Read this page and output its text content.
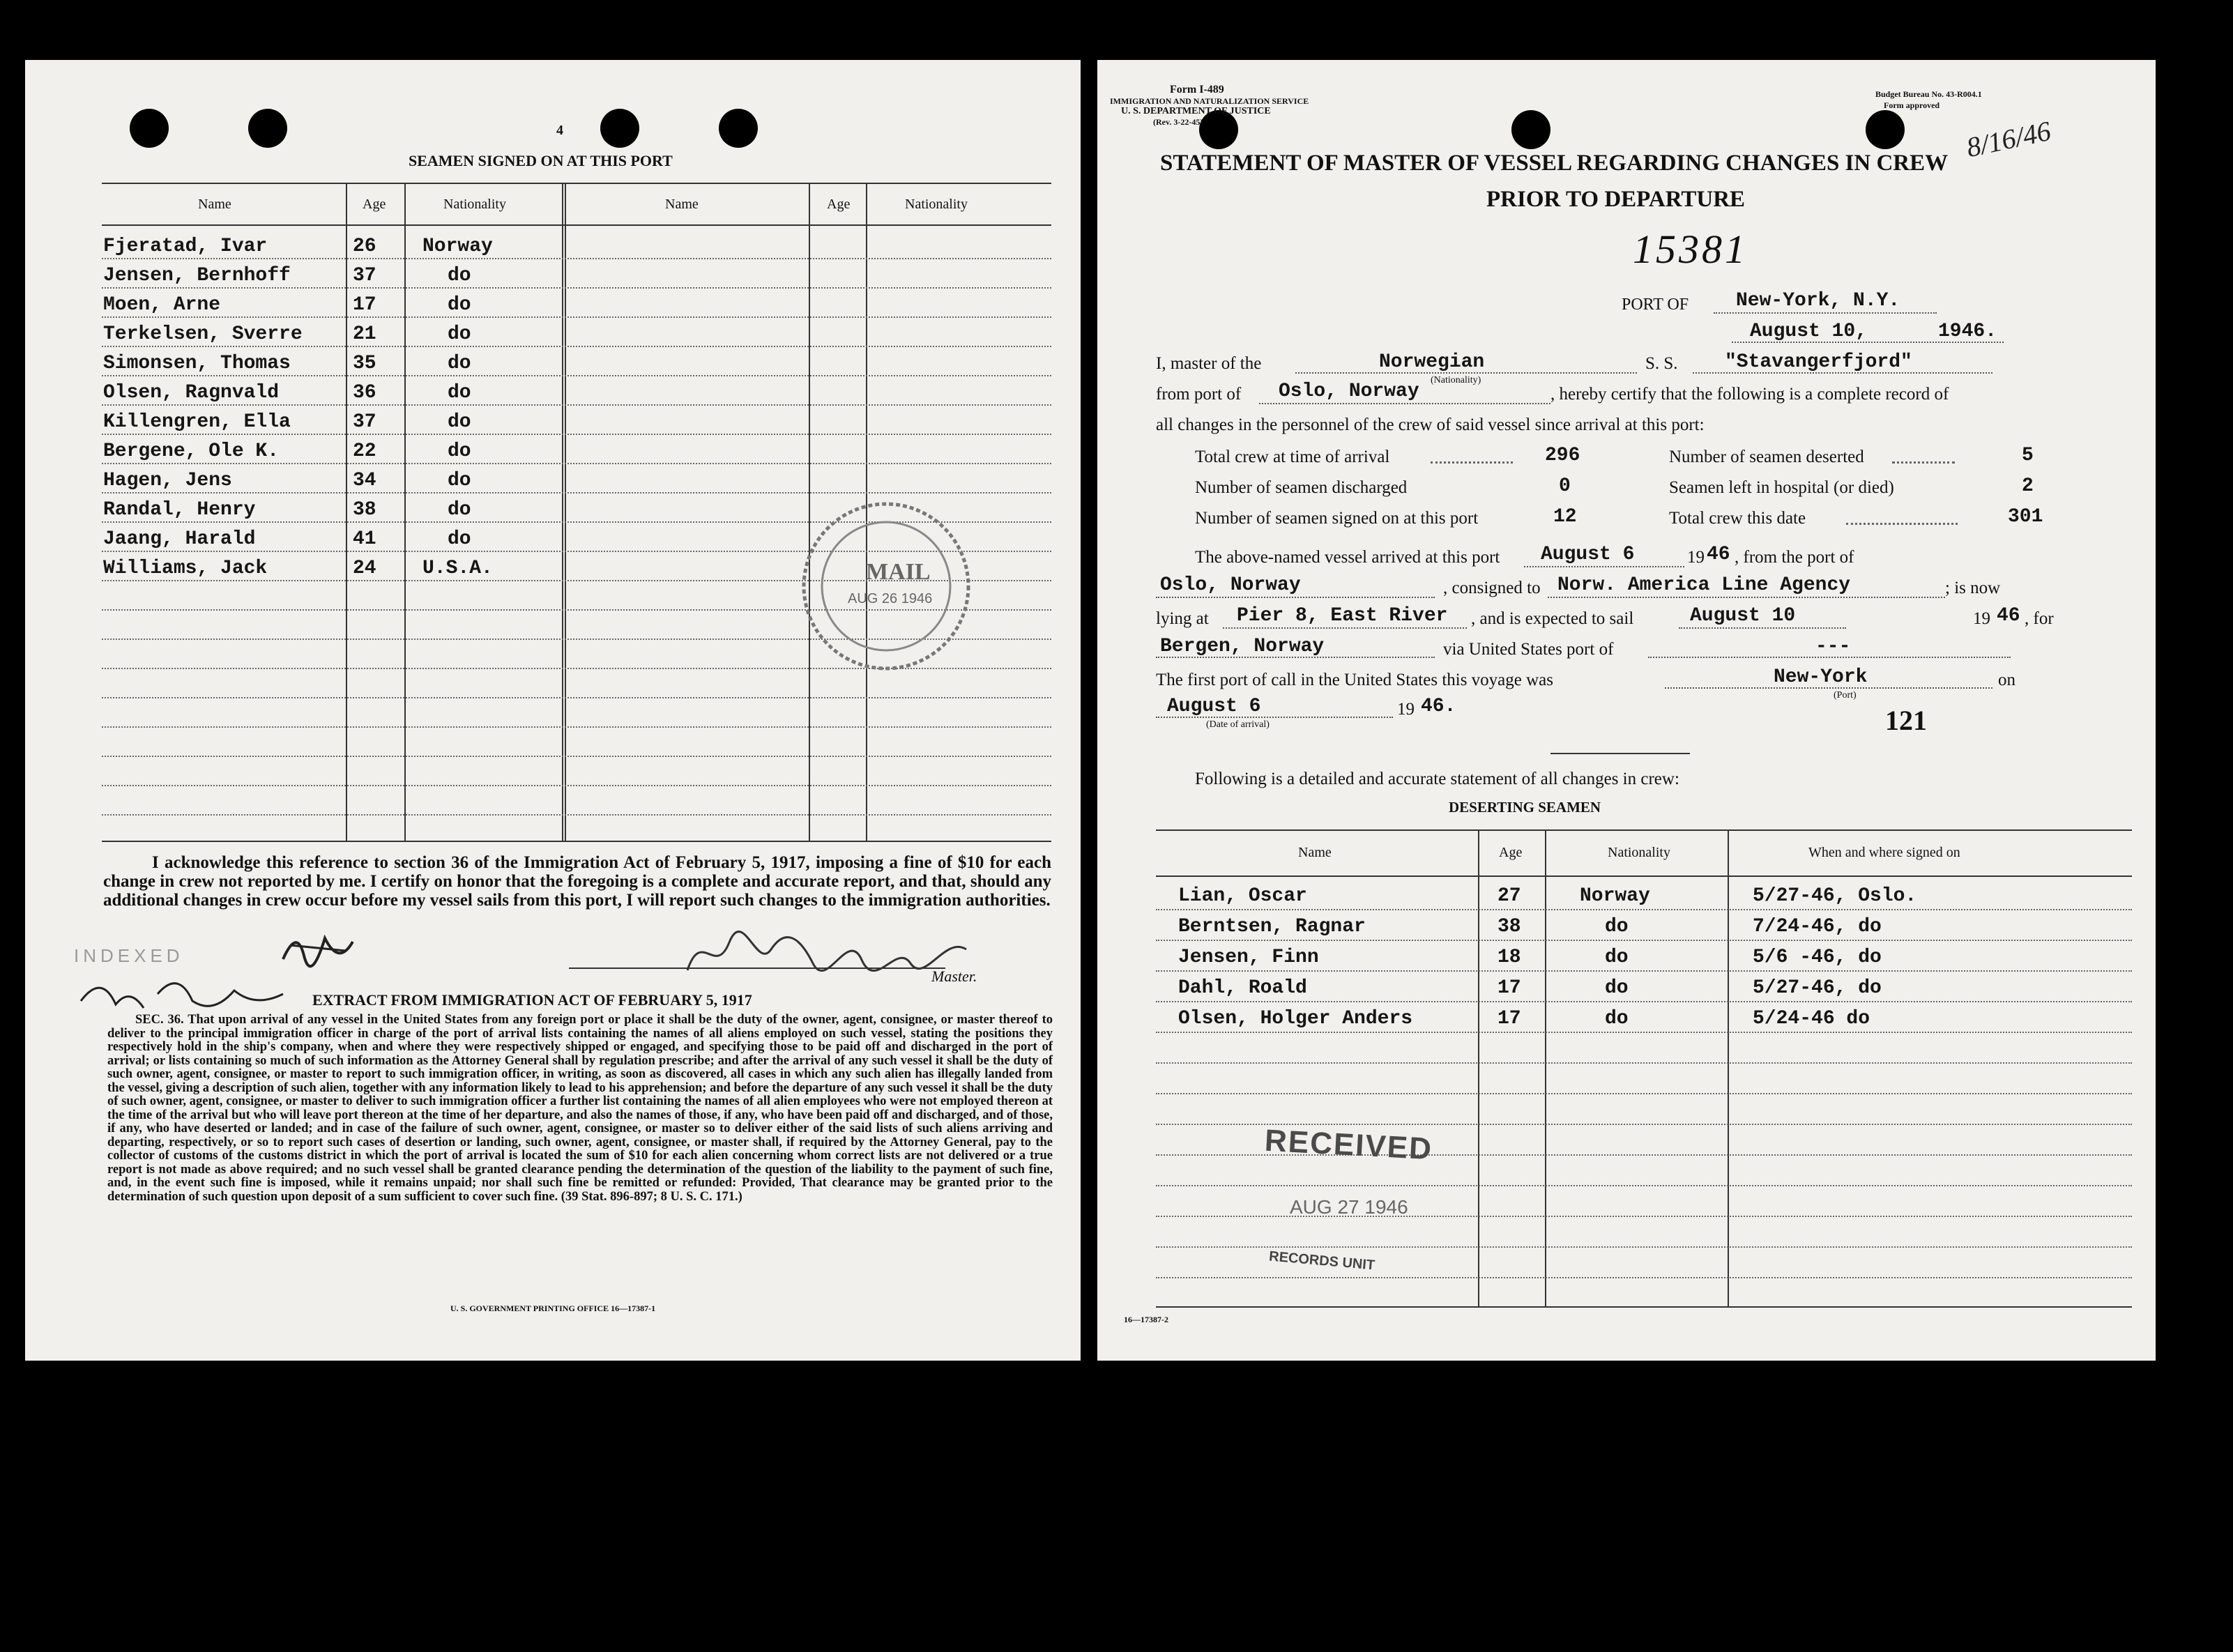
4
SEAMEN SIGNED ON AT THIS PORT
Name	Age	Nationality	Name	Age	Nationality
Fjeratad, Ivar	26 Norway
Jensen, Bernhoff	37	do
Moen, Arne	17	do
Terkelsen, Sverre	21	do
Simonsen, Thomas	35	do
Olsen, Ragnvald	36	do
Killengren, Ella	37	do
Bergene, Ole K.	22	do
Hagen, Jens	34	do
Randal, Henry	38	do
Jaang, Harald	41	do
Williams, Jack	24 U.S.A.	MAIL
AUG 26 1946
I acknowledge this reference to section 36 of the Immigration Act of February 5, 1917, imposing a fine of $10 for each change in crew not reported by me. I certify on honor that the foregoing is a complete and accurate report, and that, should any additional changes in crew occur before my vessel sails from this port, I will report such changes to the immigration authorities.
Master.
INDEXED
EXTRACT FROM IMMIGRATION ACT OF FEBRUARY 5, 1917
SEC. 36. That upon arrival of any vessel in the United States from any foreign port or place it shall be the duty of the owner, agent, consignee, or master thereof to deliver to the principal immigration officer in charge of the port of arrival lists containing the names of all aliens employed on such vessel, stating the positions they respectively hold in the ship's company, when and where they were respectively shipped or engaged, and specifying those to be paid off and discharged in the port of arrival; or lists containing so much of such information as the Attorney General shall by regulation prescribe; and after the arrival of any such vessel it shall be the duty of such owner, agent, consignee, or master to report to such immigration officer, in writing, as soon as discovered, all cases in which any such alien has illegally landed from the vessel, giving a description of such alien, together with any information likely to lead to his apprehension; and before the departure of any such vessel it shall be the duty of such owner, agent, consignee, or master to deliver to such immigration officer a further list containing the names of all alien employees who were not employed thereon at the time of the arrival but who will leave port thereon at the time of her departure, and also the names of those, if any, who have been paid off and discharged, and of those, if any, who have deserted or landed; and in case of the failure of such owner, agent, consignee, or master so to deliver either of the said lists of such aliens arriving and departing, respectively, or so to report such cases of desertion or landing, such owner, agent, consignee, or master shall, if required by the Attorney General, pay to the collector of customs of the customs district in which the port of arrival is located the sum of $10 for each alien concerning whom correct lists are not delivered or a true report is not made as above required; and no such vessel shall be granted clearance pending the determination of the question of the liability to the payment of such fine, and, in the event such fine is imposed, while it remains unpaid; nor shall such fine be remitted or refunded: Provided, That clearance may be granted prior to the determination of such question upon deposit of a sum sufficient to cover such fine. (39 Stat. 896-897; 8 U. S. C. 171.)
U. S. GOVERNMENT PRINTING OFFICE 16—17387-1
Form I-489
IMMIGRATION AND NATURALIZATION SERVICE
U. S. DEPARTMENT OF JUSTICE
(Rev. 3-22-45)
Budget Bureau No. 43-R004.1
Form approved
8/16/46
STATEMENT OF MASTER OF VESSEL REGARDING CHANGES IN CREW
PRIOR TO DEPARTURE
15381
PORT OF New-York, N.Y.
August 10,	1946.
I, master of the	Norwegian
(Nationality)
S. S. "Stavangerfjord"
from port of Oslo, Norway	, hereby certify that the following is a complete record of
all changes in the personnel of the crew of said vessel since arrival at this port:
Total crew at time of arrival	296	Number of seamen deserted	5
Number of seamen discharged	0	Seamen left in hospital (or died)	2
Number of seamen signed on at this port	12	Total crew this date	301
The above-named vessel arrived at this port August 6	19 46 , from the port of
Oslo, Norway	, consigned to Norw. America Line Agency	; is now
lying at Pier 8, East River , and is expected to sail	August 10	19 46 , for
Bergen, Norway	via United States port of	---
The first port of call in the United States this voyage was	New-York
(Port)
on
August 6
(Date of arrival)
19 46.	121
Following is a detailed and accurate statement of all changes in crew:
DESERTING SEAMEN
Name	Age	Nationality	When and where signed on
Lian, Oscar	27	Norway	5/27-46, Oslo.
Berntsen, Ragnar	38	do	7/24-46, do
Jensen, Finn	18	do	5/6 -46, do
Dahl, Roald	17	do	5/27-46, do
Olsen, Holger Anders	17	do	5/24-46 do
RECEIVED
AUG 27 1946
RECORDS UNIT
16—17387-2
